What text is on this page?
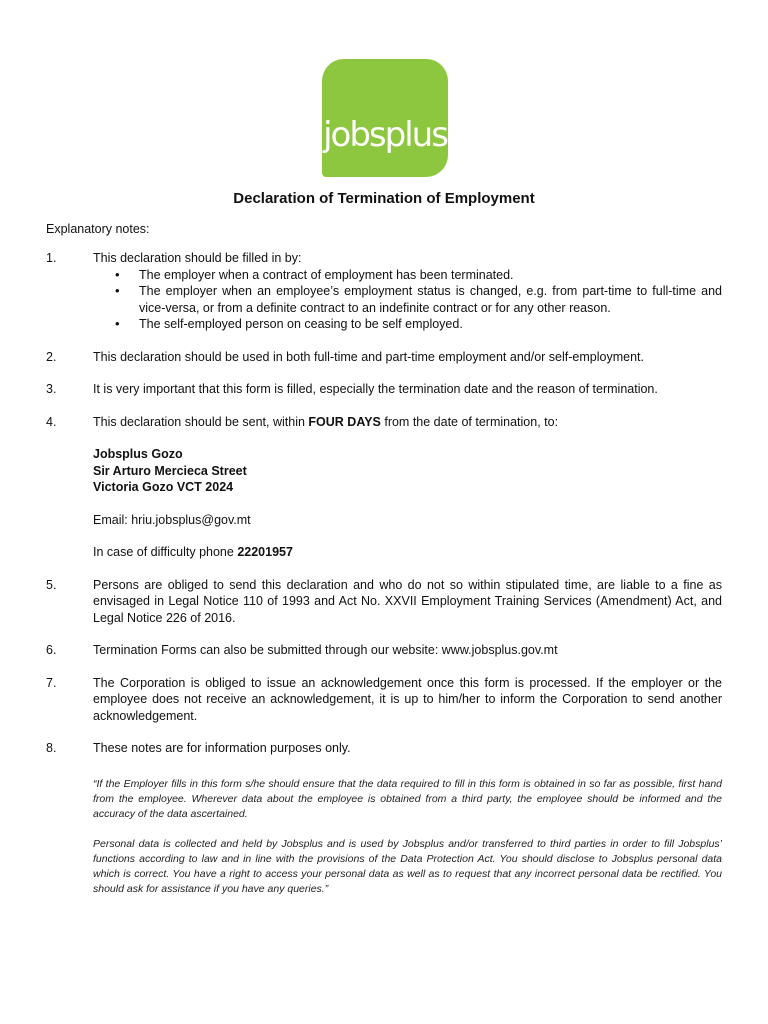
jobsplus
Declaration of Termination of Employment
Explanatory notes:
1.	This declaration should be filled in by:
• The employer when a contract of employment has been terminated.
• The employer when an employee’s employment status is changed, e.g. from part-time to full-time and vice-versa, or from a definite contract to an indefinite contract or for any other reason.
• The self-employed person on ceasing to be self employed.
2.	This declaration should be used in both full-time and part-time employment and/or self-employment.
3.	It is very important that this form is filled, especially the termination date and the reason of termination.
4.	This declaration should be sent, within FOUR DAYS from the date of termination, to:
Jobsplus Gozo
Sir Arturo Mercieca Street
Victoria Gozo VCT 2024
Email: hriu.jobsplus@gov.mt
In case of difficulty phone 22201957
5.	Persons are obliged to send this declaration and who do not so within stipulated time, are liable to a fine as envisaged in Legal Notice 110 of 1993 and Act No. XXVII Employment Training Services (Amendment) Act, and Legal Notice 226 of 2016.
6.	Termination Forms can also be submitted through our website: www.jobsplus.gov.mt
7.	The Corporation is obliged to issue an acknowledgement once this form is processed. If the employer or the employee does not receive an acknowledgement, it is up to him/her to inform the Corporation to send another acknowledgement.
8.	These notes are for information purposes only.

“If the Employer fills in this form s/he should ensure that the data required to fill in this form is obtained in so far as possible, first hand from the employee. Wherever data about the employee is obtained from a third party, the employee should be informed and the accuracy of the data ascertained.

Personal data is collected and held by Jobsplus and is used by Jobsplus and/or transferred to third parties in order to fill Jobsplus’ functions according to law and in line with the provisions of the Data Protection Act. You should disclose to Jobsplus personal data which is correct. You have a right to access your personal data as well as to request that any incorrect personal data be rectified. You should ask for assistance if you have any queries.”
